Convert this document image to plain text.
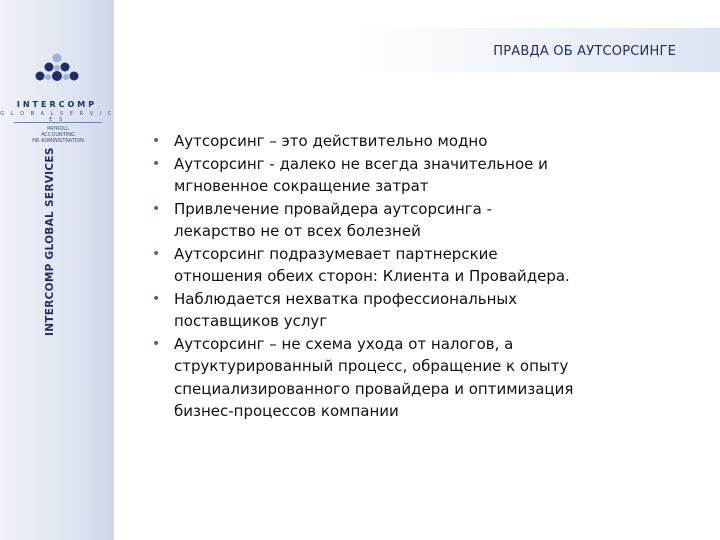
INTERCOMP
G L O B A L S E R V I C E S
PAYROLL
ACCOUNTING
HR ADMINISTRATION
INTERCOMP GLOBAL SERVICES
ПРАВДА ОБ АУТСОРСИНГЕ
• Аутсорсинг – это действительно модно
• Аутсорсинг - далеко не всегда значительное и
мгновенное сокращение затрат
• Привлечение провайдера аутсорсинга -
лекарство не от всех болезней
• Аутсорсинг подразумевает партнерские
отношения обеих сторон: Клиента и Провайдера.
• Наблюдается нехватка профессиональных
поставщиков услуг
• Аутсорсинг – не схема ухода от налогов, а
структурированный процесс, обращение к опыту
специализированного провайдера и оптимизация
бизнес-процессов компании
